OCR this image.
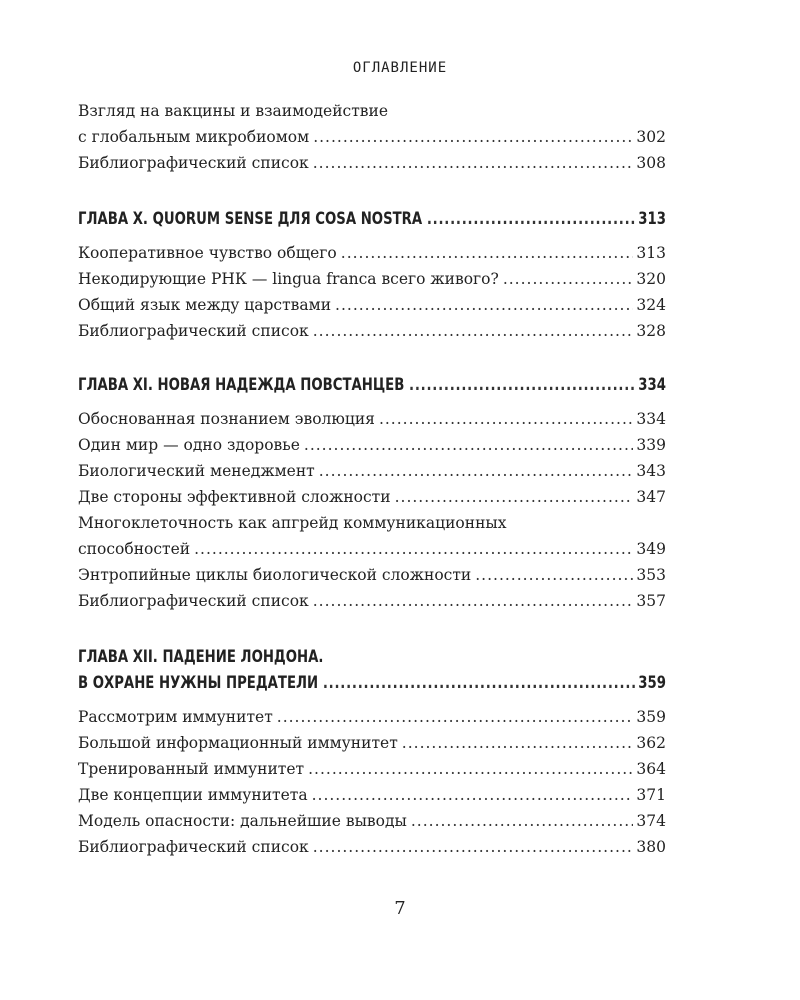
ОГЛАВЛЕНИЕ
Взгляд на вакцины и взаимодействие
с глобальным микробиомом .....	302
Библиографический список .....	308
ГЛАВА X. QUORUM SENSE ДЛЯ COSA NOSTRA .....	313
Кооперативное чувство общего .....	313
Некодирующие РНК — lingua franca всего живого? .....	320
Общий язык между царствами .....	324
Библиографический список .....	328
ГЛАВА XI. НОВАЯ НАДЕЖДА ПОВСТАНЦЕВ .....	334
Обоснованная познанием эволюция .....	334
Один мир — одно здоровье .....	339
Биологический менеджмент .....	343
Две стороны эффективной сложности .....	347
Многоклеточность как апгрейд коммуникационных
способностей .....	349
Энтропийные циклы биологической сложности .....	353
Библиографический список .....	357
ГЛАВА XII. ПАДЕНИЕ ЛОНДОНА.
В ОХРАНЕ НУЖНЫ ПРЕДАТЕЛИ .....	359
Рассмотрим иммунитет .....	359
Большой информационный иммунитет .....	362
Тренированный иммунитет .....	364
Две концепции иммунитета .....	371
Модель опасности: дальнейшие выводы .....	374
Библиографический список .....	380
7
